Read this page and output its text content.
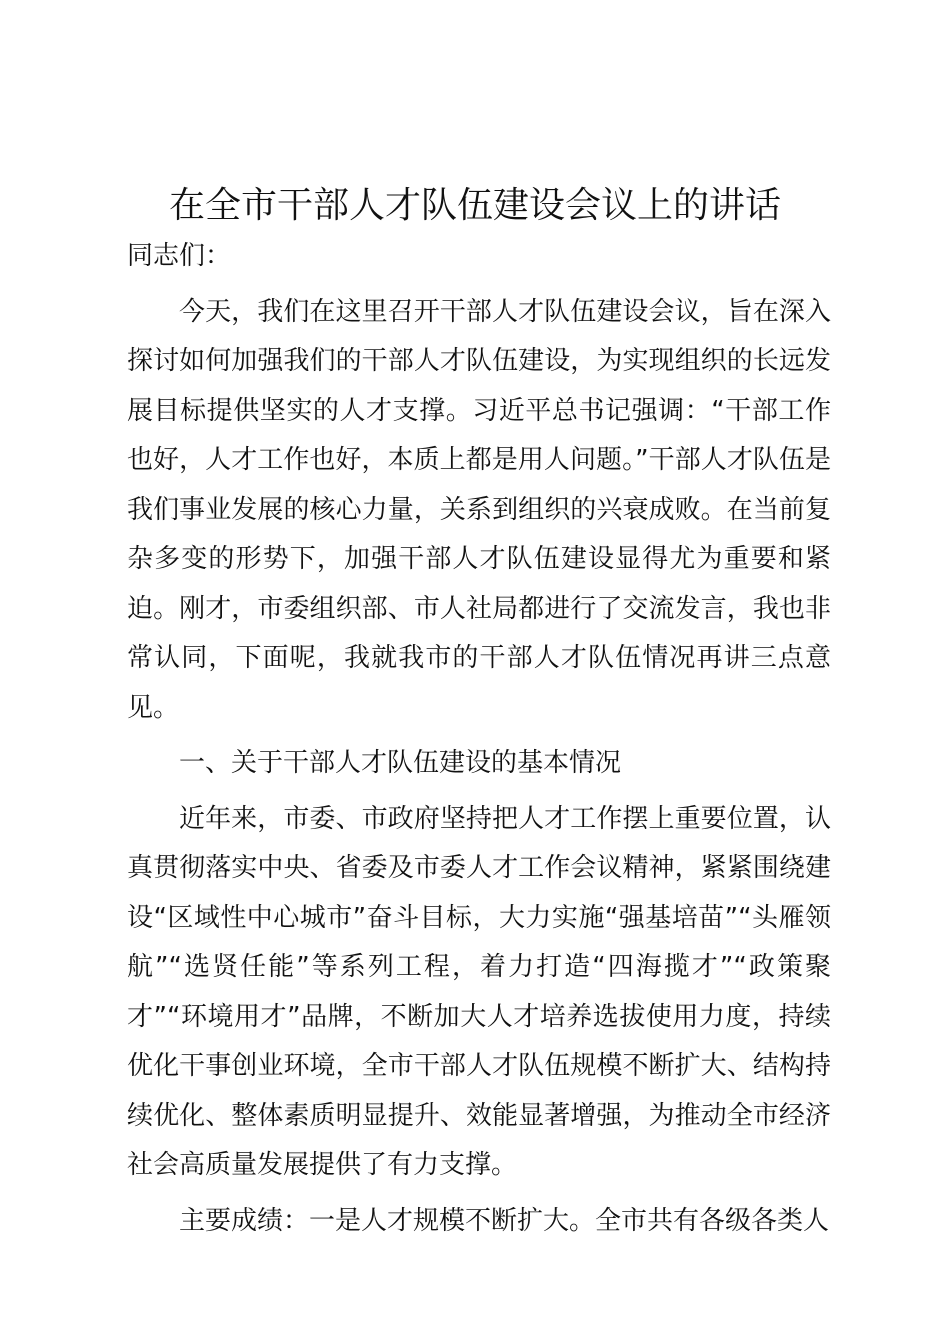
在全市干部人才队伍建设会议上的讲话

同志们：

今天，我们在这里召开干部人才队伍建设会议，旨在深入探讨如何加强我们的干部人才队伍建设，为实现组织的长远发展目标提供坚实的人才支撑。习近平总书记强调：“干部工作也好，人才工作也好，本质上都是用人问题。”干部人才队伍是我们事业发展的核心力量，关系到组织的兴衰成败。在当前复杂多变的形势下，加强干部人才队伍建设显得尤为重要和紧迫。刚才，市委组织部、市人社局都进行了交流发言，我也非常认同，下面呢，我就我市的干部人才队伍情况再讲三点意见。

一、关于干部人才队伍建设的基本情况

近年来，市委、市政府坚持把人才工作摆上重要位置，认真贯彻落实中央、省委及市委人才工作会议精神，紧紧围绕建设“区域性中心城市”奋斗目标，大力实施“强基培苗”“头雁领航”“选贤任能”等系列工程，着力打造“四海揽才”“政策聚才”“环境用才”品牌，不断加大人才培养选拔使用力度，持续优化干事创业环境，全市干部人才队伍规模不断扩大、结构持续优化、整体素质明显提升、效能显著增强，为推动全市经济社会高质量发展提供了有力支撑。

主要成绩：一是人才规模不断扩大。全市共有各级各类人
